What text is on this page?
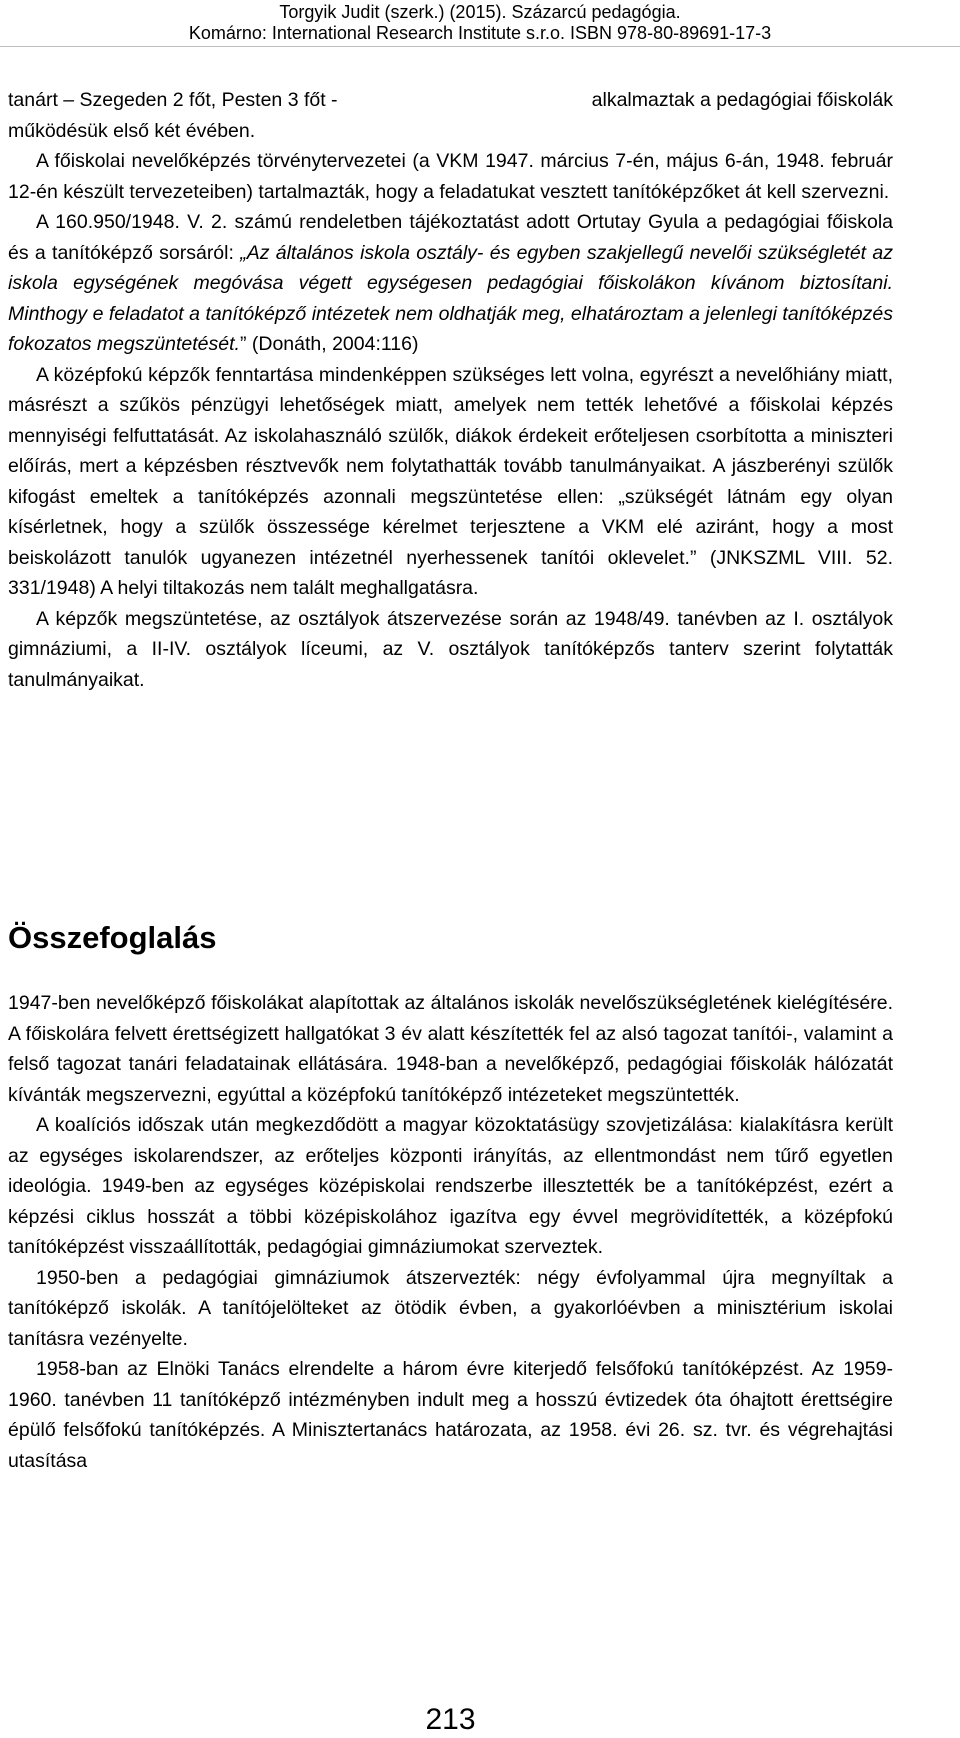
Torgyik Judit (szerk.) (2015). Százarcú pedagógia.
Komárno: International Research Institute s.r.o. ISBN 978-80-89691-17-3
tanárt – Szegeden 2 főt, Pesten 3 főt -	alkalmaztak a pedagógiai főiskolák

működésük első két évében.

A főiskolai nevelőképzés törvénytervezetei (a VKM 1947. március 7-én, május 6-án, 1948. február 12-én készült tervezeteiben) tartalmazták, hogy a feladatukat vesztett tanítóképzőket át kell szervezni.

A 160.950/1948. V. 2. számú rendeletben tájékoztatást adott Ortutay Gyula a pedagógiai főiskola és a tanítóképző sorsáról: „Az általános iskola osztály- és egyben szakjellegű nevelői szükségletét az iskola egységének megóvása végett egységesen pedagógiai főiskolákon kívánom biztosítani. Minthogy e feladatot a tanítóképző intézetek nem oldhatják meg, elhatároztam a jelenlegi tanítóképzés fokozatos megszüntetését.” (Donáth, 2004:116)

A középfokú képzők fenntartása mindenképpen szükséges lett volna, egyrészt a nevelőhiány miatt, másrészt a szűkös pénzügyi lehetőségek miatt, amelyek nem tették lehetővé a főiskolai képzés mennyiségi felfuttatását. Az iskolahasználó szülők, diákok érdekeit erőteljesen csorbította a miniszteri előírás, mert a képzésben résztvevők nem folytathatták tovább tanulmányaikat. A jászberényi szülők kifogást emeltek a tanítóképzés azonnali megszüntetése ellen: „szükségét látnám egy olyan kísérletnek, hogy a szülők összessége kérelmet terjesztene a VKM elé aziránt, hogy a most beiskolázott tanulók ugyanezen intézetnél nyerhessenek tanítói oklevelet.” (JNKSZML VIII. 52. 331/1948) A helyi tiltakozás nem talált meghallgatásra.

A képzők megszüntetése, az osztályok átszervezése során az 1948/49. tanévben az I. osztályok gimnáziumi, a II-IV. osztályok líceumi, az V. osztályok tanítóképzős tanterv szerint folytatták tanulmányaikat.

Összefoglalás

1947-ben nevelőképző főiskolákat alapítottak az általános iskolák nevelőszükségletének kielégítésére. A főiskolára felvett érettségizett hallgatókat 3 év alatt készítették fel az alsó tagozat tanítói-, valamint a felső tagozat tanári feladatainak ellátására. 1948-ban a nevelőképző, pedagógiai főiskolák hálózatát kívánták megszervezni, egyúttal a középfokú tanítóképző intézeteket megszüntették.

A koalíciós időszak után megkezdődött a magyar közoktatásügy szovjetizálása: kialakításra került az egységes iskolarendszer, az erőteljes központi irányítás, az ellentmondást nem tűrő egyetlen ideológia. 1949-ben az egységes középiskolai rendszerbe illesztették be a tanítóképzést, ezért a képzési ciklus hosszát a többi középiskolához igazítva egy évvel megrövidítették, a középfokú tanítóképzést visszaállították, pedagógiai gimnáziumokat szerveztek.

1950-ben a pedagógiai gimnáziumok átszervezték: négy évfolyammal újra megnyíltak a tanítóképző iskolák. A tanítójelölteket az ötödik évben, a gyakorlóévben a minisztérium iskolai tanításra vezényelte.

1958-ban az Elnöki Tanács elrendelte a három évre kiterjedő felsőfokú tanítóképzést. Az 1959-1960. tanévben 11 tanítóképző intézményben indult meg a hosszú évtizedek óta óhajtott érettségire épülő felsőfokú tanítóképzés. A Minisztertanács határozata, az 1958. évi 26. sz. tvr. és végrehajtási utasítása

213
